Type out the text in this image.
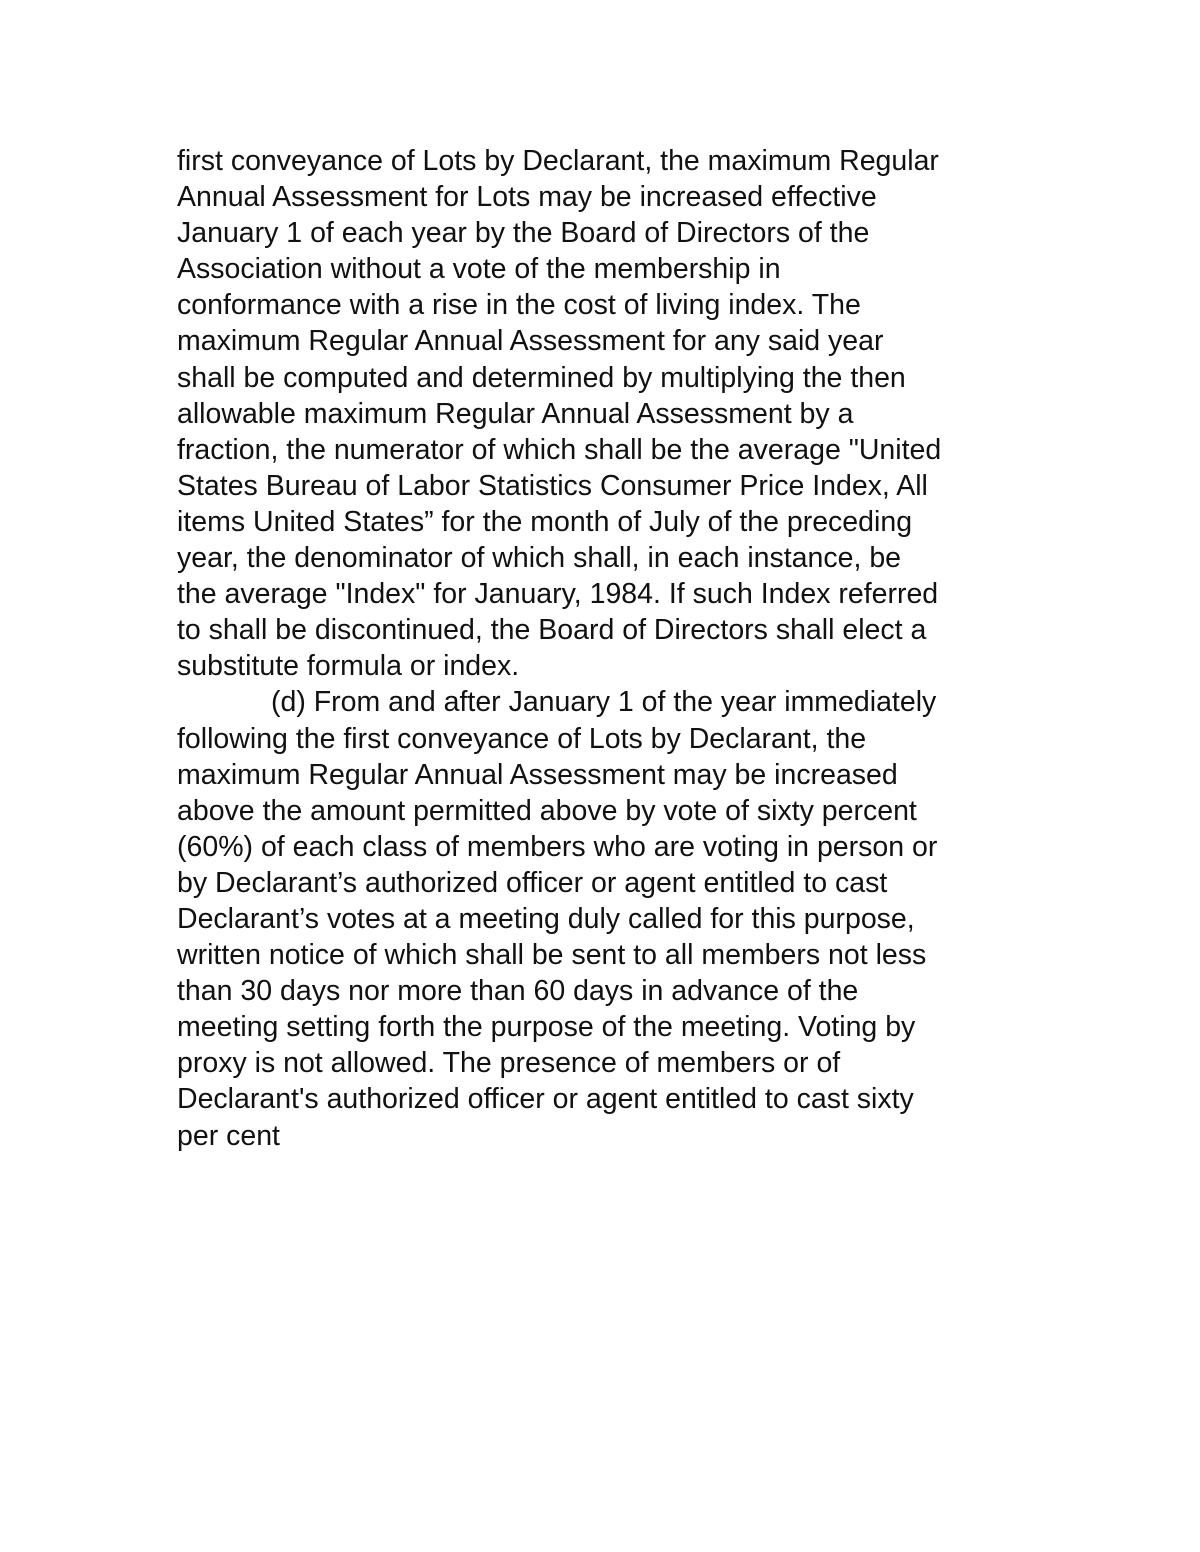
first conveyance of Lots by Declarant, the maximum Regular
Annual Assessment for Lots may be increased effective
January 1 of each year by the Board of Directors of the
Association without a vote of the membership in
conformance with a rise in the cost of living index. The
maximum Regular Annual Assessment for any said year
shall be computed and determined by multiplying the then
allowable maximum Regular Annual Assessment by a
fraction, the numerator of which shall be the average "United
States Bureau of Labor Statistics Consumer Price Index, All
items United States” for the month of July of the preceding
year, the denominator of which shall, in each instance, be
the average "Index" for January, 1984. If such Index referred
to shall be discontinued, the Board of Directors shall elect a
substitute formula or index.
(d) From and after January 1 of the year immediately
following the first conveyance of Lots by Declarant, the
maximum Regular Annual Assessment may be increased
above the amount permitted above by vote of sixty percent
(60%) of each class of members who are voting in person or
by Declarant’s authorized officer or agent entitled to cast
Declarant’s votes at a meeting duly called for this purpose,
written notice of which shall be sent to all members not less
than 30 days nor more than 60 days in advance of the
meeting setting forth the purpose of the meeting. Voting by
proxy is not allowed. The presence of members or of
Declarant's authorized officer or agent entitled to cast sixty
per cent
